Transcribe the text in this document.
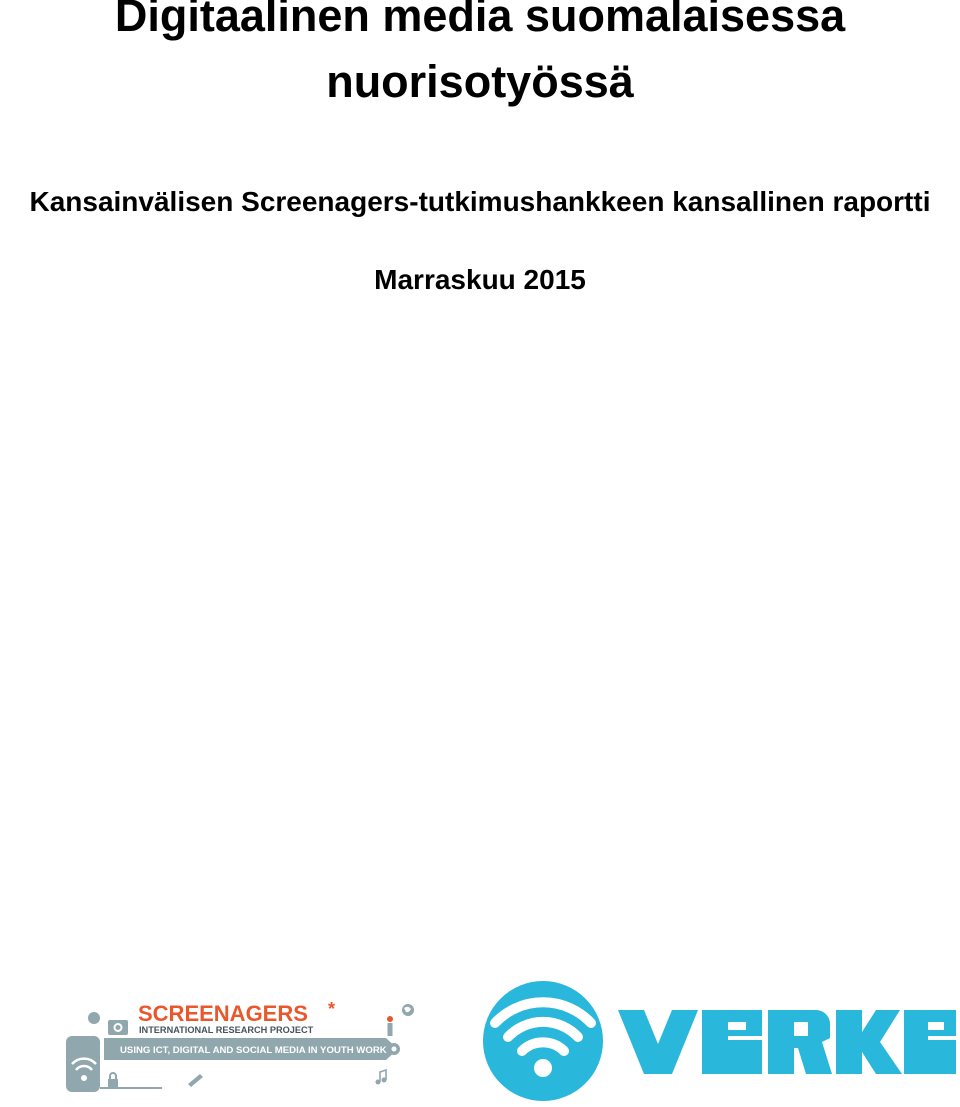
Digitaalinen media suomalaisessa
nuorisotyössä

Kansainvälisen Screenagers-tutkimushankkeen kansallinen raportti

Marraskuu 2015

SCREENAGERS *
INTERNATIONAL RESEARCH PROJECT
USING ICT, DIGITAL AND SOCIAL MEDIA IN YOUTH WORK
